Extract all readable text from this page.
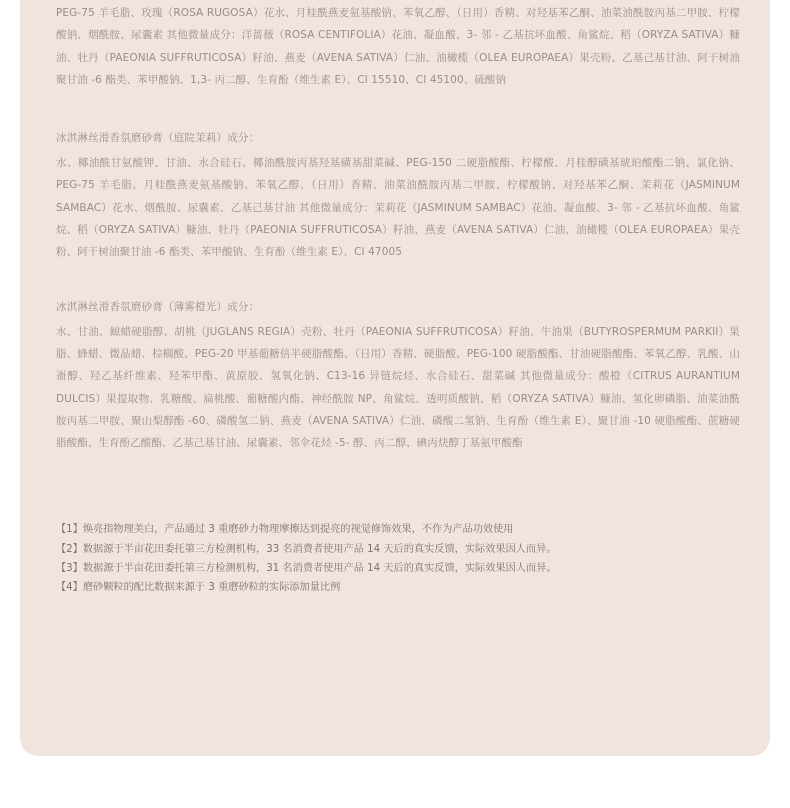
PEG-75 羊毛脂、玫瑰（ROSA RUGOSA）花水、月桂酰燕麦氨基酸钠、苯氧乙醇、（日用）香精、对羟基苯乙酮、油菜油酰胺丙基二甲胺、柠檬酸钠、烟酰胺、尿囊素 其他微量成分：洋蔷薇（ROSA CENTIFOLIA）花油、凝血酸、3- 邻 - 乙基抗坏血酸、角鲨烷、稻（ORYZA SATIVA）糠油、牡丹（PAEONIA SUFFRUTICOSA）籽油、燕麦（AVENA SATIVA）仁油、油橄榄（OLEA EUROPAEA）果壳粉、乙基己基甘油、阿干树油聚甘油 -6 酯类、苯甲酸钠、1,3- 丙二醇、生育酚（维生素 E）、CI 15510、CI 45100、硫酸钠

冰淇淋丝滑香氛磨砂膏（庭院茉莉）成分：

水、椰油酰甘氨酸钾、甘油、水合硅石、椰油酰胺丙基羟基磺基甜菜碱、PEG-150 二硬脂酸酯、柠檬酸、月桂醇磺基琥珀酸酯二钠、氯化钠、PEG-75 羊毛脂、月桂酰燕麦氨基酸钠、苯氧乙醇、（日用）香精、油菜油酰胺丙基二甲胺、柠檬酸钠、对羟基苯乙酮、茉莉花（JASMINUM SAMBAC）花水、烟酰胺、尿囊素、乙基己基甘油 其他微量成分：茉莉花（JASMINUM SAMBAC）花油、凝血酸、3- 邻 - 乙基抗坏血酸、角鲨烷、稻（ORYZA SATIVA）糠油、牡丹（PAEONIA SUFFRUTICOSA）籽油、燕麦（AVENA SATIVA）仁油、油橄榄（OLEA EUROPAEA）果壳粉、阿干树油聚甘油 -6 酯类、苯甲酸钠、生育酚（维生素 E）、CI 47005

冰淇淋丝滑香氛磨砂膏（薄雾橙光）成分：

水、甘油、鲸蜡硬脂醇、胡桃（JUGLANS REGIA）壳粉、牡丹（PAEONIA SUFFRUTICOSA）籽油、牛油果（BUTYROSPERMUM PARKII）果脂、蜂蜡、微晶蜡、棕榈酸、PEG-20 甲基葡糖倍半硬脂酸酯、（日用）香精、硬脂酸、PEG-100 硬脂酸酯、甘油硬脂酸酯、苯氧乙醇、乳酸、山嵛醇、羟乙基纤维素、羟苯甲酯、黄原胶、氢氧化钠、C13-16 异链烷烃、水合硅石、甜菜碱 其他微量成分：酸橙（CITRUS AURANTIUM DULCIS）果提取物、乳糖酸、扁桃酸、葡糖酸内酯、神经酰胺 NP、角鲨烷、透明质酸钠、稻（ORYZA SATIVA）糠油、氢化卵磷脂、油菜油酰胺丙基二甲胺、聚山梨醇酯 -60、磷酸氢二钠、燕麦（AVENA SATIVA）仁油、磷酸二氢钠、生育酚（维生素 E）、聚甘油 -10 硬脂酸酯、蔗糖硬脂酸酯、生育酚乙酸酯、乙基己基甘油、尿囊素、邻伞花烃 -5- 醇、丙二醇、碘丙炔醇丁基氨甲酸酯

【1】焕亮指物理美白，产品通过 3 重磨砂力物理摩擦达到提亮的视觉修饰效果，不作为产品功效使用
【2】数据源于半亩花田委托第三方检测机构，33 名消费者使用产品 14 天后的真实反馈，实际效果因人而异。
【3】数据源于半亩花田委托第三方检测机构，31 名消费者使用产品 14 天后的真实反馈，实际效果因人而异。
【4】磨砂颗粒的配比数据来源于 3 重磨砂粒的实际添加量比例
